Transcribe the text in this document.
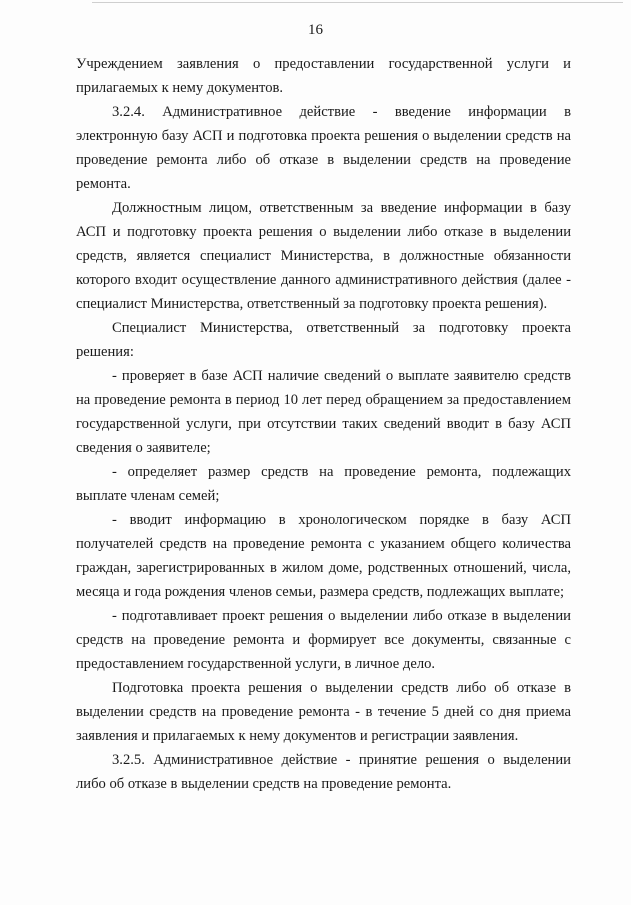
16

Учреждением заявления о предоставлении государственной услуги и прилагаемых к нему документов.

3.2.4. Административное действие - введение информации в электронную базу АСП и подготовка проекта решения о выделении средств на проведение ремонта либо об отказе в выделении средств на проведение ремонта.

Должностным лицом, ответственным за введение информации в базу АСП и подготовку проекта решения о выделении либо отказе в выделении средств, является специалист Министерства, в должностные обязанности которого входит осуществление данного административного действия (далее - специалист Министерства, ответственный за подготовку проекта решения).

Специалист Министерства, ответственный за подготовку проекта решения:

- проверяет в базе АСП наличие сведений о выплате заявителю средств на проведение ремонта в период 10 лет перед обращением за предоставлением государственной услуги, при отсутствии таких сведений вводит в базу АСП сведения о заявителе;

- определяет размер средств на проведение ремонта, подлежащих выплате членам семей;

- вводит информацию в хронологическом порядке в базу АСП получателей средств на проведение ремонта с указанием общего количества граждан, зарегистрированных в жилом доме, родственных отношений, числа, месяца и года рождения членов семьи, размера средств, подлежащих выплате;

- подготавливает проект решения о выделении либо отказе в выделении средств на проведение ремонта и формирует все документы, связанные с предоставлением государственной услуги, в личное дело.

Подготовка проекта решения о выделении средств либо об отказе в выделении средств на проведение ремонта - в течение 5 дней со дня приема заявления и прилагаемых к нему документов и регистрации заявления.

3.2.5. Административное действие - принятие решения о выделении либо об отказе в выделении средств на проведение ремонта.
